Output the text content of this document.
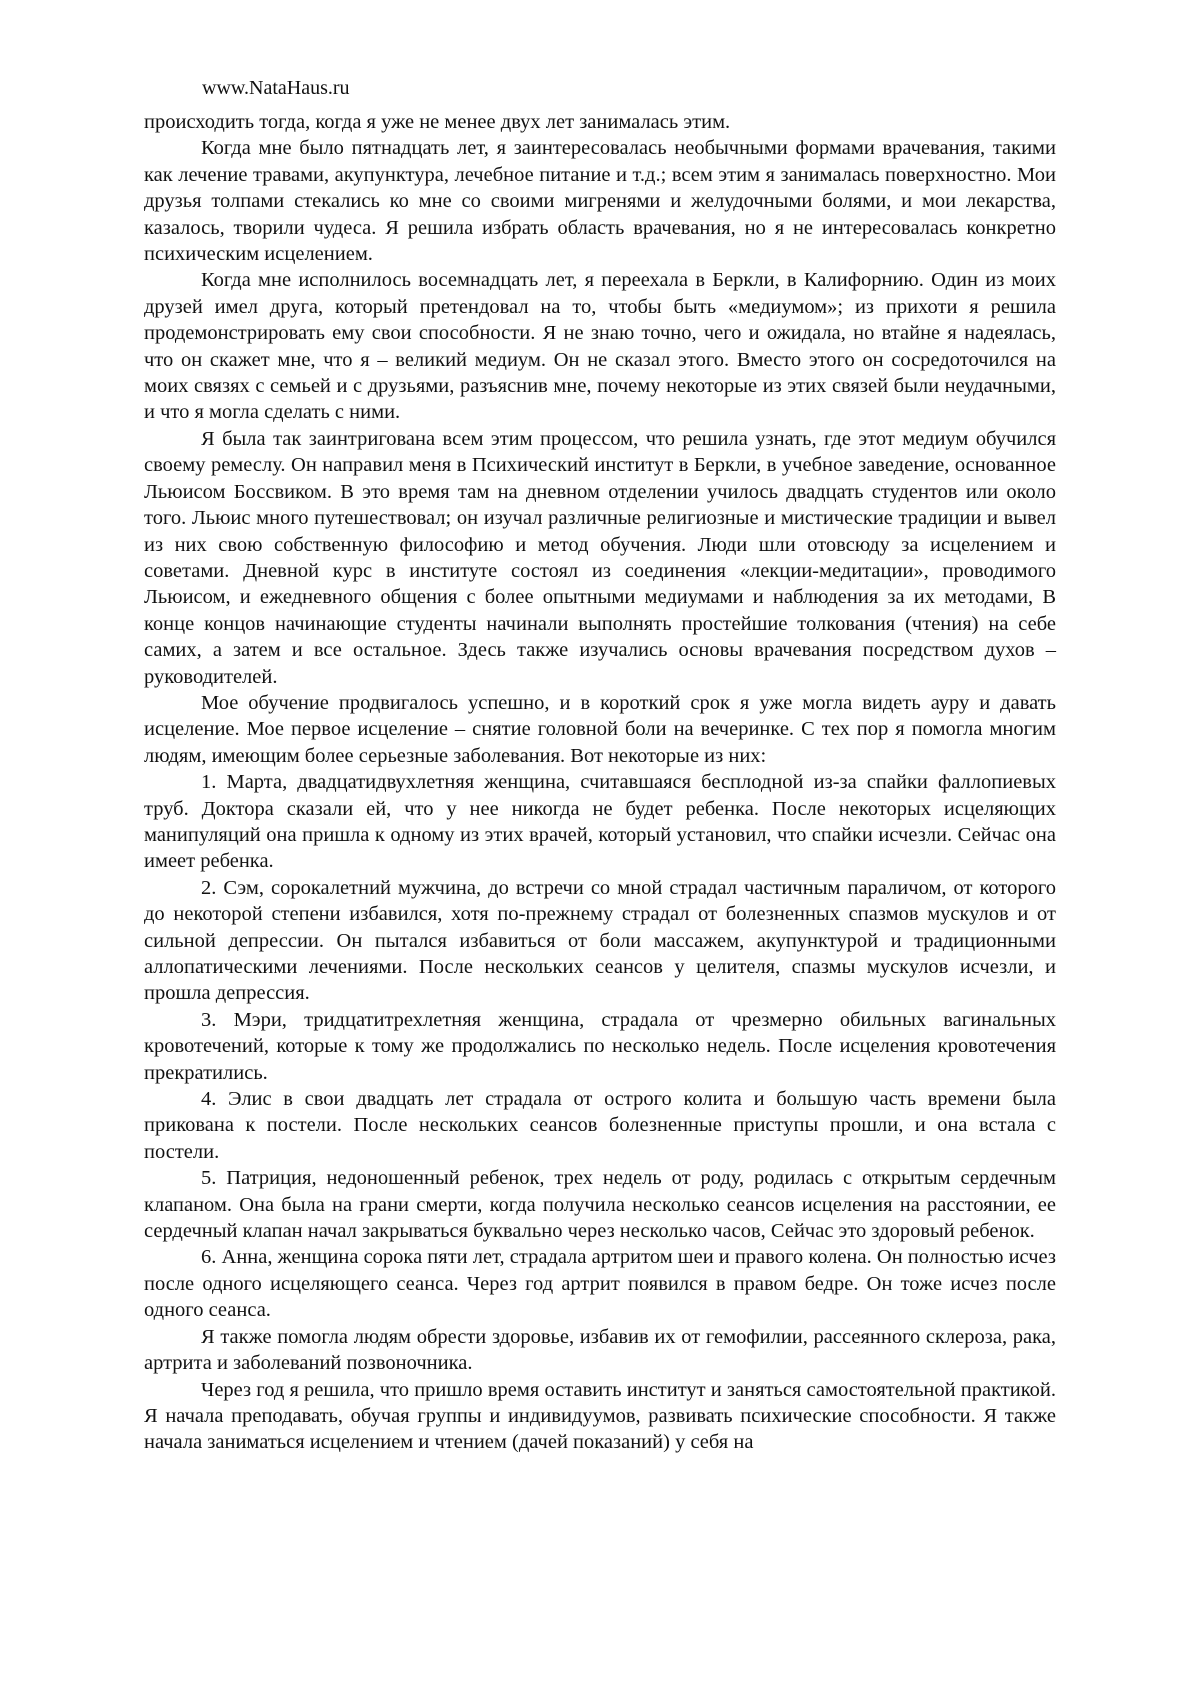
www.NataHaus.ru

происходить тогда, когда я уже не менее двух лет занималась этим.

Когда мне было пятнадцать лет, я заинтересовалась необычными формами врачевания, такими как лечение травами, акупунктура, лечебное питание и т.д.; всем этим я занималась поверхностно. Мои друзья толпами стекались ко мне со своими мигренями и желудочными болями, и мои лекарства, казалось, творили чудеса. Я решила избрать область врачевания, но я не интересовалась конкретно психическим исцелением.

Когда мне исполнилось восемнадцать лет, я переехала в Беркли, в Калифорнию. Один из моих друзей имел друга, который претендовал на то, чтобы быть «медиумом»; из прихоти я решила продемонстрировать ему свои способности. Я не знаю точно, чего и ожидала, но втайне я надеялась, что он скажет мне, что я – великий медиум. Он не сказал этого. Вместо этого он сосредоточился на моих связях с семьей и с друзьями, разъяснив мне, почему некоторые из этих связей были неудачными, и что я могла сделать с ними.

Я была так заинтригована всем этим процессом, что решила узнать, где этот медиум обучился своему ремеслу. Он направил меня в Психический институт в Беркли, в учебное заведение, основанное Льюисом Боссвиком. В это время там на дневном отделении училось двадцать студентов или около того. Льюис много путешествовал; он изучал различные религиозные и мистические традиции и вывел из них свою собственную философию и метод обучения. Люди шли отовсюду за исцелением и советами. Дневной курс в институте состоял из соединения «лекции-медитации», проводимого Льюисом, и ежедневного общения с более опытными медиумами и наблюдения за их методами, В конце концов начинающие студенты начинали выполнять простейшие толкования (чтения) на себе самих, а затем и все остальное. Здесь также изучались основы врачевания посредством духов – руководителей.

Мое обучение продвигалось успешно, и в короткий срок я уже могла видеть ауру и давать исцеление. Мое первое исцеление – снятие головной боли на вечеринке. С тех пор я помогла многим людям, имеющим более серьезные заболевания. Вот некоторые из них:

1. Марта, двадцатидвухлетняя женщина, считавшаяся бесплодной из-за спайки фаллопиевых труб. Доктора сказали ей, что у нее никогда не будет ребенка. После некоторых исцеляющих манипуляций она пришла к одному из этих врачей, который установил, что спайки исчезли. Сейчас она имеет ребенка.

2. Сэм, сорокалетний мужчина, до встречи со мной страдал частичным параличом, от которого до некоторой степени избавился, хотя по-прежнему страдал от болезненных спазмов мускулов и от сильной депрессии. Он пытался избавиться от боли массажем, акупунктурой и традиционными аллопатическими лечениями. После нескольких сеансов у целителя, спазмы мускулов исчезли, и прошла депрессия.

3. Мэри, тридцатитрехлетняя женщина, страдала от чрезмерно обильных вагинальных кровотечений, которые к тому же продолжались по несколько недель. После исцеления кровотечения прекратились.

4. Элис в свои двадцать лет страдала от острого колита и большую часть времени была прикована к постели. После нескольких сеансов болезненные приступы прошли, и она встала с постели.

5. Патриция, недоношенный ребенок, трех недель от роду, родилась с открытым сердечным клапаном. Она была на грани смерти, когда получила несколько сеансов исцеления на расстоянии, ее сердечный клапан начал закрываться буквально через несколько часов, Сейчас это здоровый ребенок.

6. Анна, женщина сорока пяти лет, страдала артритом шеи и правого колена. Он полностью исчез после одного исцеляющего сеанса. Через год артрит появился в правом бедре. Он тоже исчез после одного сеанса.

Я также помогла людям обрести здоровье, избавив их от гемофилии, рассеянного склероза, рака, артрита и заболеваний позвоночника.

Через год я решила, что пришло время оставить институт и заняться самостоятельной практикой. Я начала преподавать, обучая группы и индивидуумов, развивать психические способности. Я также начала заниматься исцелением и чтением (дачей показаний) у себя на
